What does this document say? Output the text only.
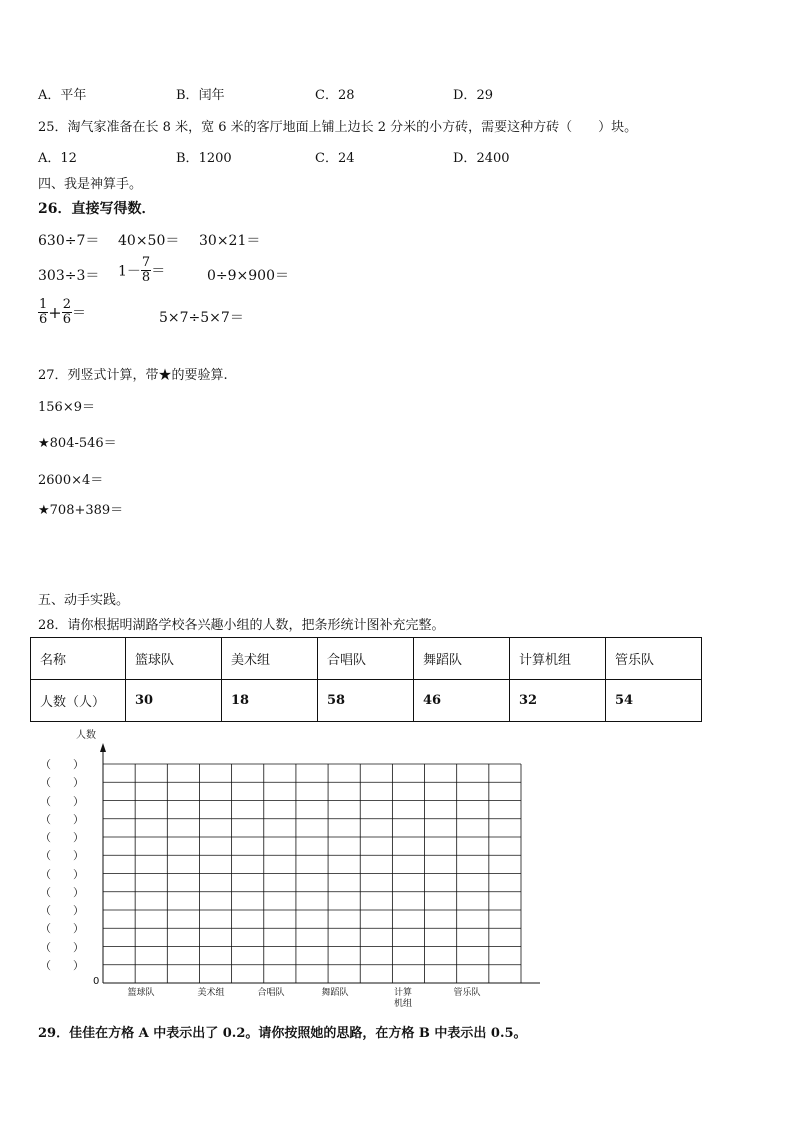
A．平年	B．闰年	C．28	D．29
25．淘气家准备在长 8 米，宽 6 米的客厅地面上铺上边长 2 分米的小方砖，需要这种方砖（　　）块。
A．12	B．1200	C．24	D．2400
四、我是神算手。
26．直接写得数．
630÷7＝ 40×50＝ 30×21＝
$303\div 3= 1- \frac{7}{8}$ ＝	0÷9×900＝
$\frac{1}{6} + \frac{2}{6}$ ＝	5×7÷5×7＝
27．列竖式计算，带★的要验算.
156×9＝
★804-546＝
2600×4＝
★708+389＝
五、动手实践。
28．请你根据明湖路学校各兴趣小组的人数，把条形统计图补充完整。
名称	篮球队	美术组	合唱队	舞蹈队	计算机组	管乐队
人数（人）	30	18	58	46	32	54
人数
（　　）
（　　）
（　　）
（　　）
（　　）
（　　）
（　　）
（　　）
（　　）
（　　）
（　　）
（　　）
0
篮球队	美术组	合唱队	舞蹈队	计算
机组
管乐队
29．佳佳在方格 A 中表示出了 0.2。请你按照她的思路，在方格 B 中表示出 0.5。
